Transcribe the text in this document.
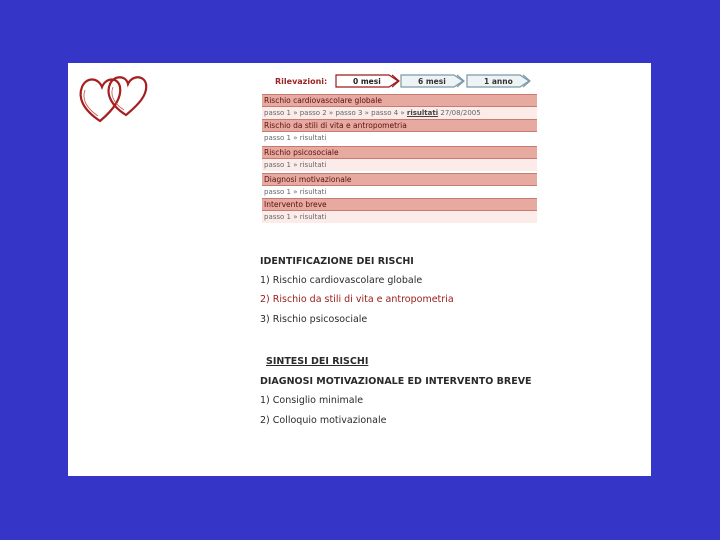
Rilevazioni:	0 mesi	6 mesi	1 anno
Rischio cardiovascolare globale
passo 1 » passo 2 » passo 3 » passo 4 » risultati 27/08/2005
Rischio da stili di vita e antropometria
passo 1 » risultati
Rischio psicosociale
passo 1 » risultati
Diagnosi motivazionale
passo 1 » risultati
Intervento breve
passo 1 » risultati
IDENTIFICAZIONE DEI RISCHI
1) Rischio cardiovascolare globale
2) Rischio da stili di vita e antropometria
3) Rischio psicosociale
SINTESI DEI RISCHI
DIAGNOSI MOTIVAZIONALE ED INTERVENTO BREVE
1) Consiglio minimale
2) Colloquio motivazionale
